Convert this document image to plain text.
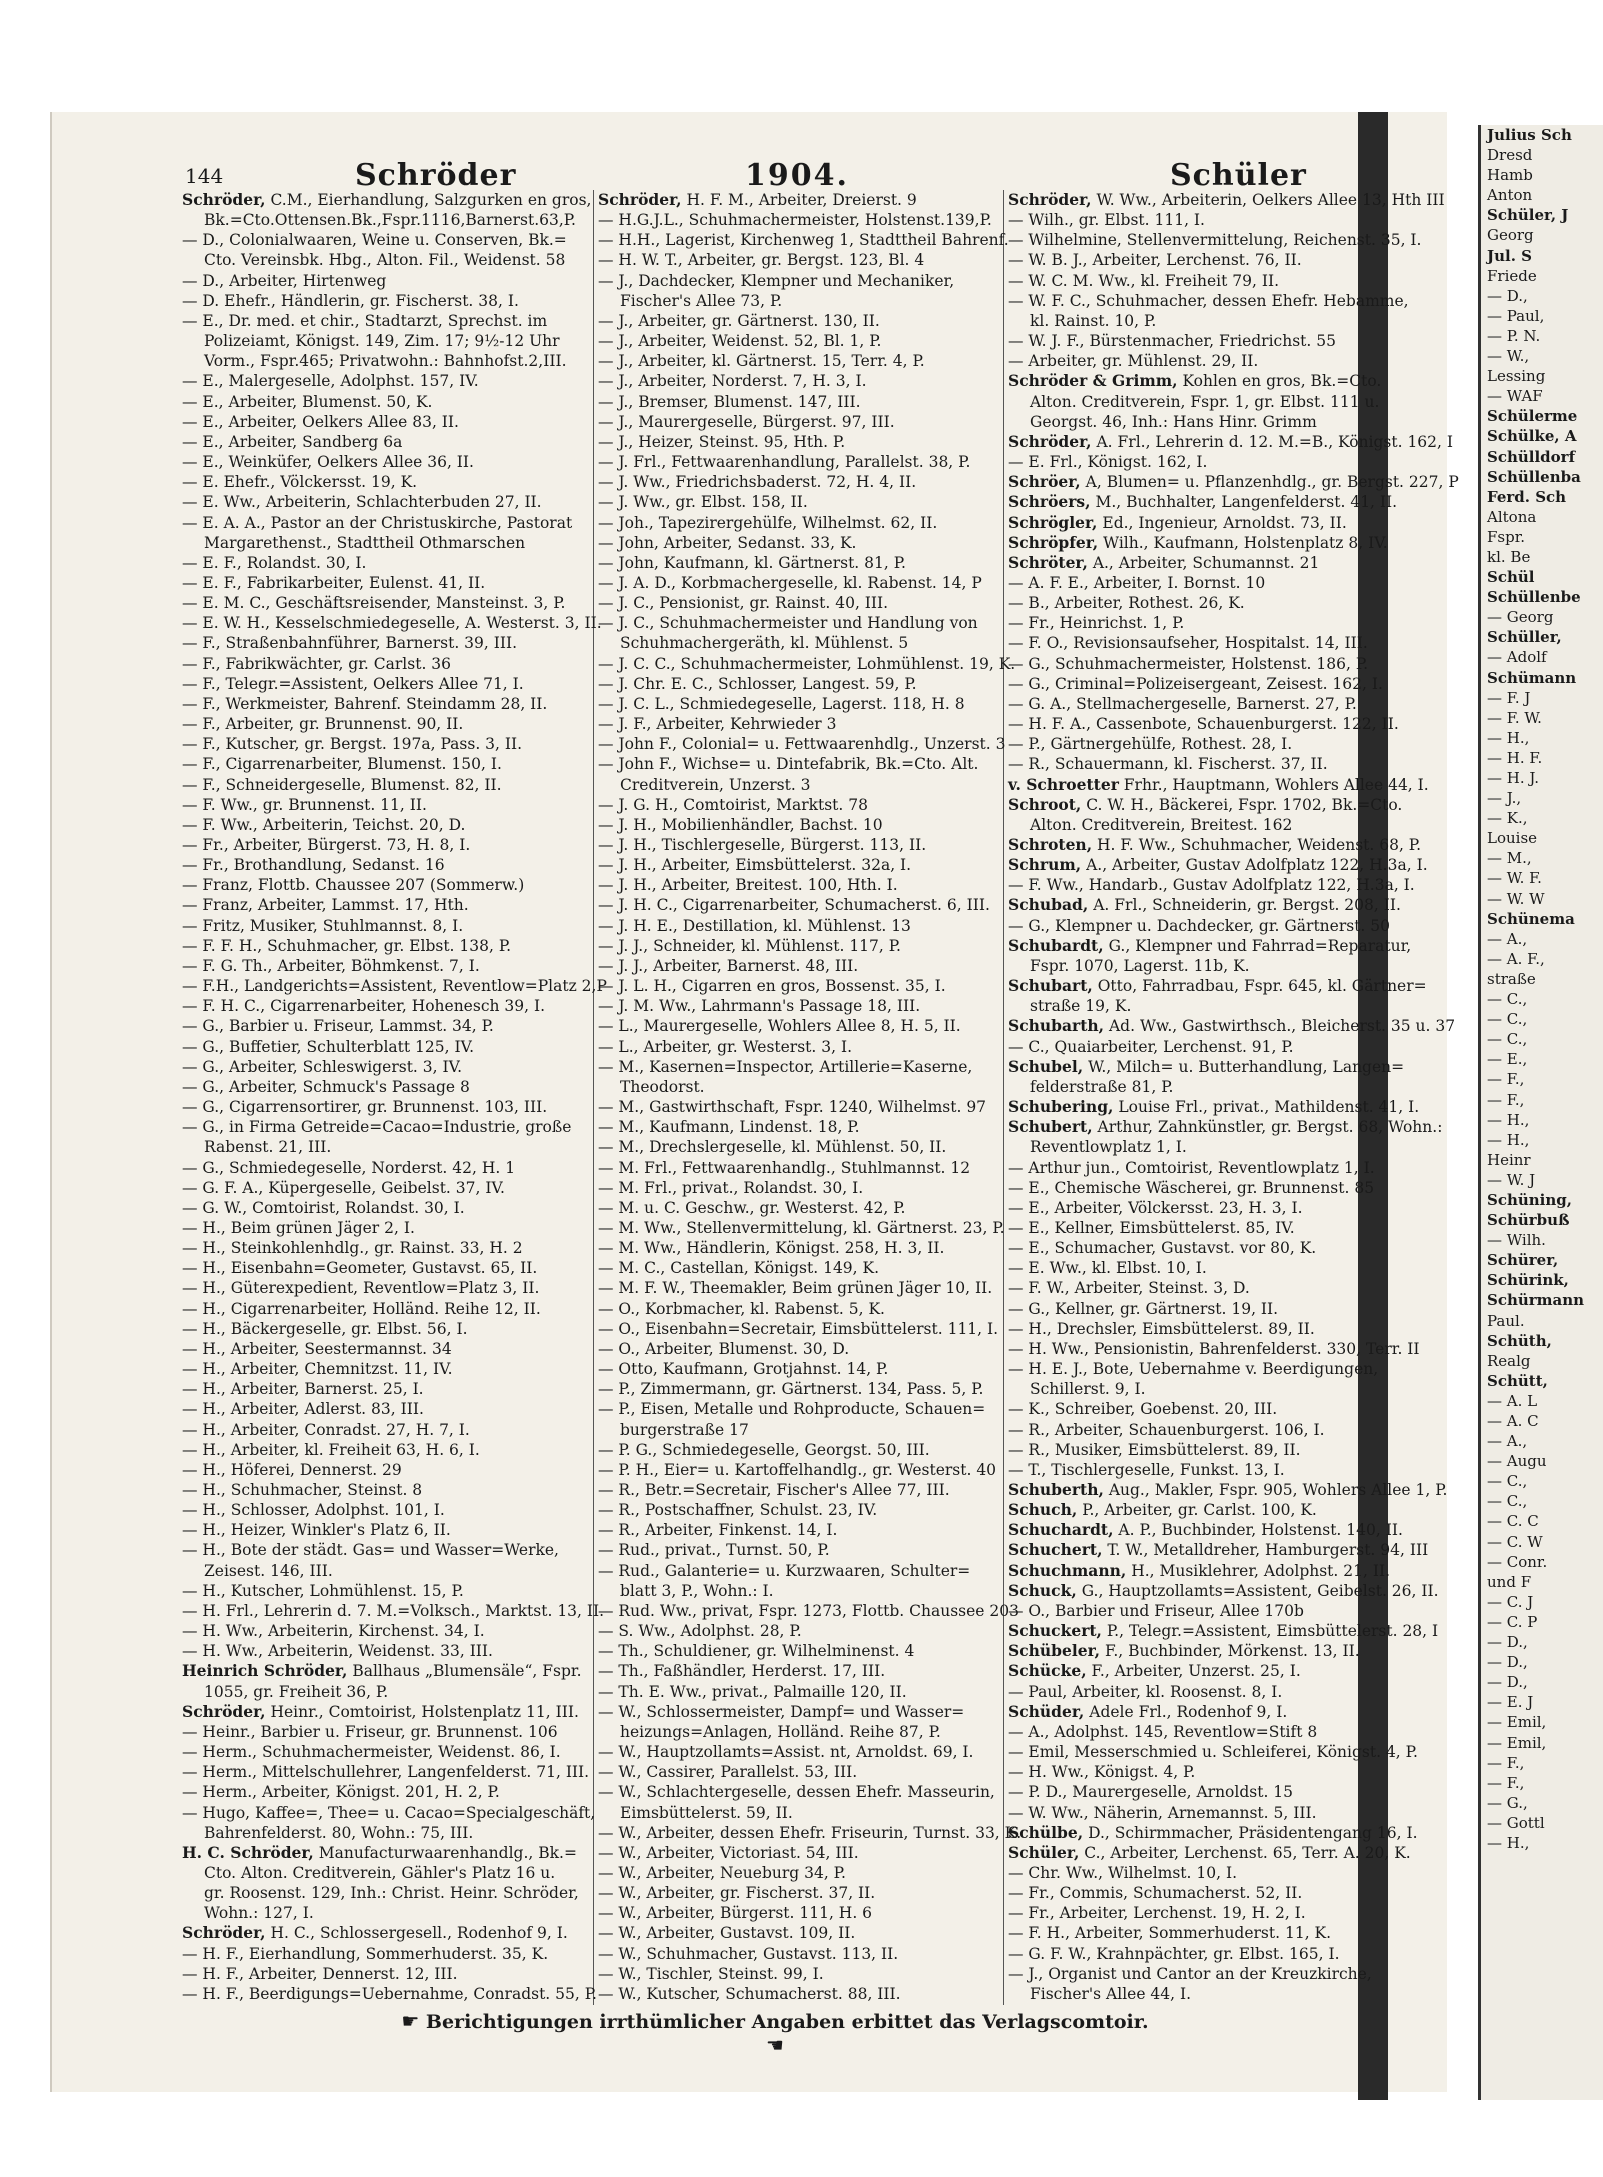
Julius Sch
Dresd
Hamb
Anton
Schüler, J
Georg
Jul. S
Friede
— D.,
— Paul,
— P. N.
— W.,
Lessing
— WAF
Schülerme
Schülke, A
Schülldorf
Schüllenba
Ferd. Sch
Altona
Fspr.
kl. Be
Schül
Schüllenbe
— Georg
Schüller,
— Adolf
Schümann
— F. J
— F. W.
— H.,
— H. F.
— H. J.
— J.,
— K.,
Louise
— M.,
— W. F.
— W. W
Schünema
— A.,
— A. F.,
straße
— C.,
— C.,
— C.,
— E.,
— F.,
— F.,
— H.,
— H.,
Heinr
— W. J
Schüning,
Schürbuß
— Wilh.
Schürer,
Schürink,
Schürmann
Paul.
Schüth,
Realg
Schütt,
— A. L
— A. C
— A.,
— Augu
— C.,
— C.,
— C. C
— C. W
— Conr.
und F
— C. J
— C. P
— D.,
— D.,
— D.,
— E. J
— Emil,
— Emil,
— F.,
— F.,
— G.,
— Gottl
— H.,
144	Schröder	1904.	Schüler
Schröder, C.M., Eierhandlung, Salzgurken en gros,
Bk.=Cto.Ottensen.Bk.,Fspr.1116,Barnerst.63,P.
— D., Colonialwaaren, Weine u. Conserven, Bk.=
Cto. Vereinsbk. Hbg., Alton. Fil., Weidenst. 58
— D., Arbeiter, Hirtenweg
— D. Ehefr., Händlerin, gr. Fischerst. 38, I.
— E., Dr. med. et chir., Stadtarzt, Sprechst. im
Polizeiamt, Königst. 149, Zim. 17; 9½-12 Uhr
Vorm., Fspr.465; Privatwohn.: Bahnhofst.2,III.
— E., Malergeselle, Adolphst. 157, IV.
— E., Arbeiter, Blumenst. 50, K.
— E., Arbeiter, Oelkers Allee 83, II.
— E., Arbeiter, Sandberg 6a
— E., Weinküfer, Oelkers Allee 36, II.
— E. Ehefr., Völckersst. 19, K.
— E. Ww., Arbeiterin, Schlachterbuden 27, II.
— E. A. A., Pastor an der Christuskirche, Pastorat
Margarethenst., Stadttheil Othmarschen
— E. F., Rolandst. 30, I.
— E. F., Fabrikarbeiter, Eulenst. 41, II.
— E. M. C., Geschäftsreisender, Mansteinst. 3, P.
— E. W. H., Kesselschmiedegeselle, A. Westerst. 3, II.
— F., Straßenbahnführer, Barnerst. 39, III.
— F., Fabrikwächter, gr. Carlst. 36
— F., Telegr.=Assistent, Oelkers Allee 71, I.
— F., Werkmeister, Bahrenf. Steindamm 28, II.
— F., Arbeiter, gr. Brunnenst. 90, II.
— F., Kutscher, gr. Bergst. 197a, Pass. 3, II.
— F., Cigarrenarbeiter, Blumenst. 150, I.
— F., Schneidergeselle, Blumenst. 82, II.
— F. Ww., gr. Brunnenst. 11, II.
— F. Ww., Arbeiterin, Teichst. 20, D.
— Fr., Arbeiter, Bürgerst. 73, H. 8, I.
— Fr., Brothandlung, Sedanst. 16
— Franz, Flottb. Chaussee 207 (Sommerw.)
— Franz, Arbeiter, Lammst. 17, Hth.
— Fritz, Musiker, Stuhlmannst. 8, I.
— F. F. H., Schuhmacher, gr. Elbst. 138, P.
— F. G. Th., Arbeiter, Böhmkenst. 7, I.
— F.H., Landgerichts=Assistent, Reventlow=Platz 2,P
— F. H. C., Cigarrenarbeiter, Hohenesch 39, I.
— G., Barbier u. Friseur, Lammst. 34, P.
— G., Buffetier, Schulterblatt 125, IV.
— G., Arbeiter, Schleswigerst. 3, IV.
— G., Arbeiter, Schmuck's Passage 8
— G., Cigarrensortirer, gr. Brunnenst. 103, III.
— G., in Firma Getreide=Cacao=Industrie, große
Rabenst. 21, III.
— G., Schmiedegeselle, Norderst. 42, H. 1
— G. F. A., Küpergeselle, Geibelst. 37, IV.
— G. W., Comtoirist, Rolandst. 30, I.
— H., Beim grünen Jäger 2, I.
— H., Steinkohlenhdlg., gr. Rainst. 33, H. 2
— H., Eisenbahn=Geometer, Gustavst. 65, II.
— H., Güterexpedient, Reventlow=Platz 3, II.
— H., Cigarrenarbeiter, Holländ. Reihe 12, II.
— H., Bäckergeselle, gr. Elbst. 56, I.
— H., Arbeiter, Seestermannst. 34
— H., Arbeiter, Chemnitzst. 11, IV.
— H., Arbeiter, Barnerst. 25, I.
— H., Arbeiter, Adlerst. 83, III.
— H., Arbeiter, Conradst. 27, H. 7, I.
— H., Arbeiter, kl. Freiheit 63, H. 6, I.
— H., Höferei, Dennerst. 29
— H., Schuhmacher, Steinst. 8
— H., Schlosser, Adolphst. 101, I.
— H., Heizer, Winkler's Platz 6, II.
— H., Bote der städt. Gas= und Wasser=Werke,
Zeisest. 146, III.
— H., Kutscher, Lohmühlenst. 15, P.
— H. Frl., Lehrerin d. 7. M.=Volksch., Marktst. 13, II.
— H. Ww., Arbeiterin, Kirchenst. 34, I.
— H. Ww., Arbeiterin, Weidenst. 33, III.
Heinrich Schröder, Ballhaus „Blumensäle“, Fspr.
1055, gr. Freiheit 36, P.
Schröder, Heinr., Comtoirist, Holstenplatz 11, III.
— Heinr., Barbier u. Friseur, gr. Brunnenst. 106
— Herm., Schuhmachermeister, Weidenst. 86, I.
— Herm., Mittelschullehrer, Langenfelderst. 71, III.
— Herm., Arbeiter, Königst. 201, H. 2, P.
— Hugo, Kaffee=, Thee= u. Cacao=Specialgeschäft,
Bahrenfelderst. 80, Wohn.: 75, III.
H. C. Schröder, Manufacturwaarenhandlg., Bk.=
Cto. Alton. Creditverein, Gähler's Platz 16 u.
gr. Roosenst. 129, Inh.: Christ. Heinr. Schröder,
Wohn.: 127, I.
Schröder, H. C., Schlossergesell., Rodenhof 9, I.
— H. F., Eierhandlung, Sommerhuderst. 35, K.
— H. F., Arbeiter, Dennerst. 12, III.
— H. F., Beerdigungs=Uebernahme, Conradst. 55, P.
Schröder, H. F. M., Arbeiter, Dreierst. 9
— H.G.J.L., Schuhmachermeister, Holstenst.139,P.
— H.H., Lagerist, Kirchenweg 1, Stadttheil Bahrenf.
— H. W. T., Arbeiter, gr. Bergst. 123, Bl. 4
— J., Dachdecker, Klempner und Mechaniker,
Fischer's Allee 73, P.
— J., Arbeiter, gr. Gärtnerst. 130, II.
— J., Arbeiter, Weidenst. 52, Bl. 1, P.
— J., Arbeiter, kl. Gärtnerst. 15, Terr. 4, P.
— J., Arbeiter, Norderst. 7, H. 3, I.
— J., Bremser, Blumenst. 147, III.
— J., Maurergeselle, Bürgerst. 97, III.
— J., Heizer, Steinst. 95, Hth. P.
— J. Frl., Fettwaarenhandlung, Parallelst. 38, P.
— J. Ww., Friedrichsbaderst. 72, H. 4, II.
— J. Ww., gr. Elbst. 158, II.
— Joh., Tapezirergehülfe, Wilhelmst. 62, II.
— John, Arbeiter, Sedanst. 33, K.
— John, Kaufmann, kl. Gärtnerst. 81, P.
— J. A. D., Korbmachergeselle, kl. Rabenst. 14, P
— J. C., Pensionist, gr. Rainst. 40, III.
— J. C., Schuhmachermeister und Handlung von
Schuhmachergeräth, kl. Mühlenst. 5
— J. C. C., Schuhmachermeister, Lohmühlenst. 19, K.
— J. Chr. E. C., Schlosser, Langest. 59, P.
— J. C. L., Schmiedegeselle, Lagerst. 118, H. 8
— J. F., Arbeiter, Kehrwieder 3
— John F., Colonial= u. Fettwaarenhdlg., Unzerst. 3
— John F., Wichse= u. Dintefabrik, Bk.=Cto. Alt.
Creditverein, Unzerst. 3
— J. G. H., Comtoirist, Marktst. 78
— J. H., Mobilienhändler, Bachst. 10
— J. H., Tischlergeselle, Bürgerst. 113, II.
— J. H., Arbeiter, Eimsbüttelerst. 32a, I.
— J. H., Arbeiter, Breitest. 100, Hth. I.
— J. H. C., Cigarrenarbeiter, Schumacherst. 6, III.
— J. H. E., Destillation, kl. Mühlenst. 13
— J. J., Schneider, kl. Mühlenst. 117, P.
— J. J., Arbeiter, Barnerst. 48, III.
— J. L. H., Cigarren en gros, Bossenst. 35, I.
— J. M. Ww., Lahrmann's Passage 18, III.
— L., Maurergeselle, Wohlers Allee 8, H. 5, II.
— L., Arbeiter, gr. Westerst. 3, I.
— M., Kasernen=Inspector, Artillerie=Kaserne,
Theodorst.
— M., Gastwirthschaft, Fspr. 1240, Wilhelmst. 97
— M., Kaufmann, Lindenst. 18, P.
— M., Drechslergeselle, kl. Mühlenst. 50, II.
— M. Frl., Fettwaarenhandlg., Stuhlmannst. 12
— M. Frl., privat., Rolandst. 30, I.
— M. u. C. Geschw., gr. Westerst. 42, P.
— M. Ww., Stellenvermittelung, kl. Gärtnerst. 23, P.
— M. Ww., Händlerin, Königst. 258, H. 3, II.
— M. C., Castellan, Königst. 149, K.
— M. F. W., Theemakler, Beim grünen Jäger 10, II.
— O., Korbmacher, kl. Rabenst. 5, K.
— O., Eisenbahn=Secretair, Eimsbüttelerst. 111, I.
— O., Arbeiter, Blumenst. 30, D.
— Otto, Kaufmann, Grotjahnst. 14, P.
— P., Zimmermann, gr. Gärtnerst. 134, Pass. 5, P.
— P., Eisen, Metalle und Rohproducte, Schauen=
burgerstraße 17
— P. G., Schmiedegeselle, Georgst. 50, III.
— P. H., Eier= u. Kartoffelhandlg., gr. Westerst. 40
— R., Betr.=Secretair, Fischer's Allee 77, III.
— R., Postschaffner, Schulst. 23, IV.
— R., Arbeiter, Finkenst. 14, I.
— Rud., privat., Turnst. 50, P.
— Rud., Galanterie= u. Kurzwaaren, Schulter=
blatt 3, P., Wohn.: I.
— Rud. Ww., privat, Fspr. 1273, Flottb. Chaussee 203
— S. Ww., Adolphst. 28, P.
— Th., Schuldiener, gr. Wilhelminenst. 4
— Th., Faßhändler, Herderst. 17, III.
— Th. E. Ww., privat., Palmaille 120, II.
— W., Schlossermeister, Dampf= und Wasser=
heizungs=Anlagen, Holländ. Reihe 87, P.
— W., Hauptzollamts=Assist. nt, Arnoldst. 69, I.
— W., Cassirer, Parallelst. 53, III.
— W., Schlachtergeselle, dessen Ehefr. Masseurin,
Eimsbüttelerst. 59, II.
— W., Arbeiter, dessen Ehefr. Friseurin, Turnst. 33, K.
— W., Arbeiter, Victoriast. 54, III.
— W., Arbeiter, Neueburg 34, P.
— W., Arbeiter, gr. Fischerst. 37, II.
— W., Arbeiter, Bürgerst. 111, H. 6
— W., Arbeiter, Gustavst. 109, II.
— W., Schuhmacher, Gustavst. 113, II.
— W., Tischler, Steinst. 99, I.
— W., Kutscher, Schumacherst. 88, III.
Schröder, W. Ww., Arbeiterin, Oelkers Allee 13, Hth III
— Wilh., gr. Elbst. 111, I.
— Wilhelmine, Stellenvermittelung, Reichenst. 35, I.
— W. B. J., Arbeiter, Lerchenst. 76, II.
— W. C. M. Ww., kl. Freiheit 79, II.
— W. F. C., Schuhmacher, dessen Ehefr. Hebamme,
kl. Rainst. 10, P.
— W. J. F., Bürstenmacher, Friedrichst. 55
— Arbeiter, gr. Mühlenst. 29, II.
Schröder & Grimm, Kohlen en gros, Bk.=Cto.
Alton. Creditverein, Fspr. 1, gr. Elbst. 111 u.
Georgst. 46, Inh.: Hans Hinr. Grimm
Schröder, A. Frl., Lehrerin d. 12. M.=B., Königst. 162, I
— E. Frl., Königst. 162, I.
Schröer, A, Blumen= u. Pflanzenhdlg., gr. Bergst. 227, P
Schröers, M., Buchhalter, Langenfelderst. 41, II.
Schrögler, Ed., Ingenieur, Arnoldst. 73, II.
Schröpfer, Wilh., Kaufmann, Holstenplatz 8, IV.
Schröter, A., Arbeiter, Schumannst. 21
— A. F. E., Arbeiter, I. Bornst. 10
— B., Arbeiter, Rothest. 26, K.
— Fr., Heinrichst. 1, P.
— F. O., Revisionsaufseher, Hospitalst. 14, III.
— G., Schuhmachermeister, Holstenst. 186, P.
— G., Criminal=Polizeisergeant, Zeisest. 162, I.
— G. A., Stellmachergeselle, Barnerst. 27, P.
— H. F. A., Cassenbote, Schauenburgerst. 122, II.
— P., Gärtnergehülfe, Rothest. 28, I.
— R., Schauermann, kl. Fischerst. 37, II.
v. Schroetter Frhr., Hauptmann, Wohlers Allee 44, I.
Schroot, C. W. H., Bäckerei, Fspr. 1702, Bk.=Cto.
Alton. Creditverein, Breitest. 162
Schroten, H. F. Ww., Schuhmacher, Weidenst. 68, P.
Schrum, A., Arbeiter, Gustav Adolfplatz 122, H.3a, I.
— F. Ww., Handarb., Gustav Adolfplatz 122, H.3a, I.
Schubad, A. Frl., Schneiderin, gr. Bergst. 208, II.
— G., Klempner u. Dachdecker, gr. Gärtnerst. 50
Schubardt, G., Klempner und Fahrrad=Reparatur,
Fspr. 1070, Lagerst. 11b, K.
Schubart, Otto, Fahrradbau, Fspr. 645, kl. Gärtner=
straße 19, K.
Schubarth, Ad. Ww., Gastwirthsch., Bleicherst. 35 u. 37
— C., Quaiarbeiter, Lerchenst. 91, P.
Schubel, W., Milch= u. Butterhandlung, Langen=
felderstraße 81, P.
Schubering, Louise Frl., privat., Mathildenst. 41, I.
Schubert, Arthur, Zahnkünstler, gr. Bergst. 68, Wohn.:
Reventlowplatz 1, I.
— Arthur jun., Comtoirist, Reventlowplatz 1, I.
— E., Chemische Wäscherei, gr. Brunnenst. 85
— E., Arbeiter, Völckersst. 23, H. 3, I.
— E., Kellner, Eimsbüttelerst. 85, IV.
— E., Schumacher, Gustavst. vor 80, K.
— E. Ww., kl. Elbst. 10, I.
— F. W., Arbeiter, Steinst. 3, D.
— G., Kellner, gr. Gärtnerst. 19, II.
— H., Drechsler, Eimsbüttelerst. 89, II.
— H. Ww., Pensionistin, Bahrenfelderst. 330, Terr. II
— H. E. J., Bote, Uebernahme v. Beerdigungen,
Schillerst. 9, I.
— K., Schreiber, Goebenst. 20, III.
— R., Arbeiter, Schauenburgerst. 106, I.
— R., Musiker, Eimsbüttelerst. 89, II.
— T., Tischlergeselle, Funkst. 13, I.
Schuberth, Aug., Makler, Fspr. 905, Wohlers Allee 1, P.
Schuch, P., Arbeiter, gr. Carlst. 100, K.
Schuchardt, A. P., Buchbinder, Holstenst. 140, II.
Schuchert, T. W., Metalldreher, Hamburgerst. 94, III
Schuchmann, H., Musiklehrer, Adolphst. 21, II.
Schuck, G., Hauptzollamts=Assistent, Geibelst. 26, II.
— O., Barbier und Friseur, Allee 170b
Schuckert, P., Telegr.=Assistent, Eimsbüttelerst. 28, I
Schübeler, F., Buchbinder, Mörkenst. 13, II.
Schücke, F., Arbeiter, Unzerst. 25, I.
— Paul, Arbeiter, kl. Roosenst. 8, I.
Schüder, Adele Frl., Rodenhof 9, I.
— A., Adolphst. 145, Reventlow=Stift 8
— Emil, Messerschmied u. Schleiferei, Königst. 4, P.
— H. Ww., Königst. 4, P.
— P. D., Maurergeselle, Arnoldst. 15
— W. Ww., Näherin, Arnemannst. 5, III.
Schülbe, D., Schirmmacher, Präsidentengang 16, I.
Schüler, C., Arbeiter, Lerchenst. 65, Terr. A. 20, K.
— Chr. Ww., Wilhelmst. 10, I.
— Fr., Commis, Schumacherst. 52, II.
— Fr., Arbeiter, Lerchenst. 19, H. 2, I.
— F. H., Arbeiter, Sommerhuderst. 11, K.
— G. F. W., Krahnpächter, gr. Elbst. 165, I.
— J., Organist und Cantor an der Kreuzkirche,
Fischer's Allee 44, I.
☛ Berichtigungen irrthümlicher Angaben erbittet das Verlagscomtoir. ☚
